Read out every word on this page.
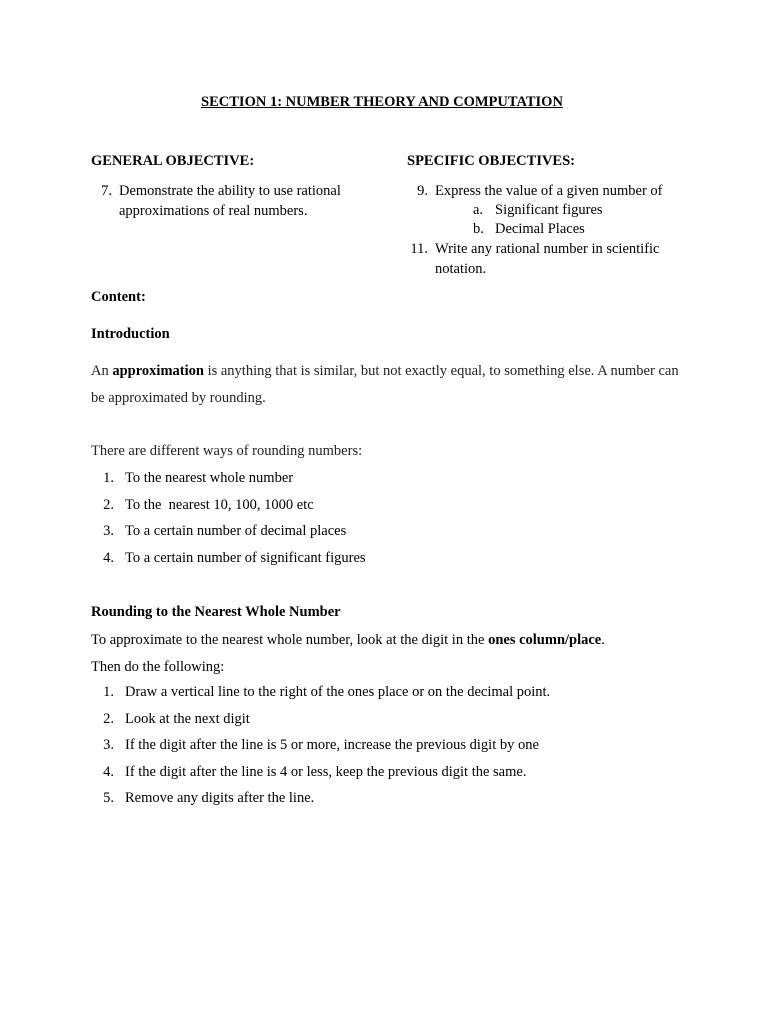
SECTION 1: NUMBER THEORY AND COMPUTATION
GENERAL OBJECTIVE:
7. Demonstrate the ability to use rational approximations of real numbers.
SPECIFIC OBJECTIVES:
9. Express the value of a given number of
a. Significant figures
b. Decimal Places
11. Write any rational number in scientific notation.
Content:
Introduction
An approximation is anything that is similar, but not exactly equal, to something else. A number can be approximated by rounding.
There are different ways of rounding numbers:
1. To the nearest whole number
2. To the  nearest 10, 100, 1000 etc
3. To a certain number of decimal places
4. To a certain number of significant figures
Rounding to the Nearest Whole Number
To approximate to the nearest whole number, look at the digit in the ones column/place.
Then do the following:
1. Draw a vertical line to the right of the ones place or on the decimal point.
2. Look at the next digit
3. If the digit after the line is 5 or more, increase the previous digit by one
4. If the digit after the line is 4 or less, keep the previous digit the same.
5. Remove any digits after the line.
